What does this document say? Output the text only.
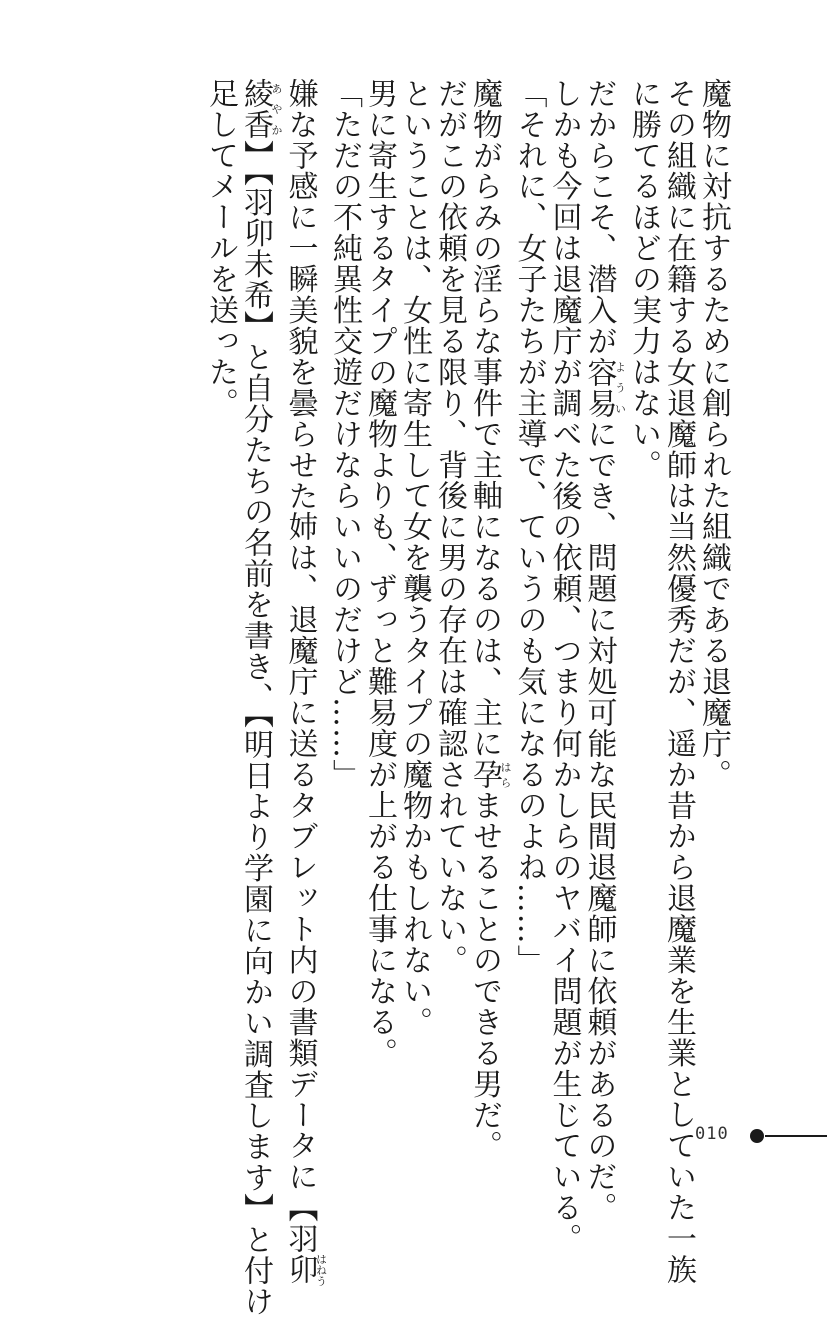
魔物に対抗するために創られた組織である退魔庁。

その組織に在籍する女退魔師は当然優秀だが、遥か昔から退魔業を生業としていた一族

に勝てるほどの実力はない。

だからこそ、潜入が容易よういにでき、問題に対処可能な民間退魔師に依頼があるのだ。

しかも今回は退魔庁が調べた後の依頼、つまり何かしらのヤバイ問題が生じている。

「それに、女子たちが主導で、ていうのも気になるのよね……」

魔物がらみの淫らな事件で主軸になるのは、主に孕はらませることのできる男だ。

だがこの依頼を見る限り、背後に男の存在は確認されていない。

ということは、女性に寄生して女を襲うタイプの魔物かもしれない。

男に寄生するタイプの魔物よりも、ずっと難易度が上がる仕事になる。

「ただの不純異性交遊だけならいいのだけど……」

嫌な予感に一瞬美貌を曇らせた姉は、退魔庁に送るタブレット内の書類データに【羽卯はねう

綾香あやか】【羽卯未希】と自分たちの名前を書き、【明日より学園に向かい調査します】と付け

足してメールを送った。

010
